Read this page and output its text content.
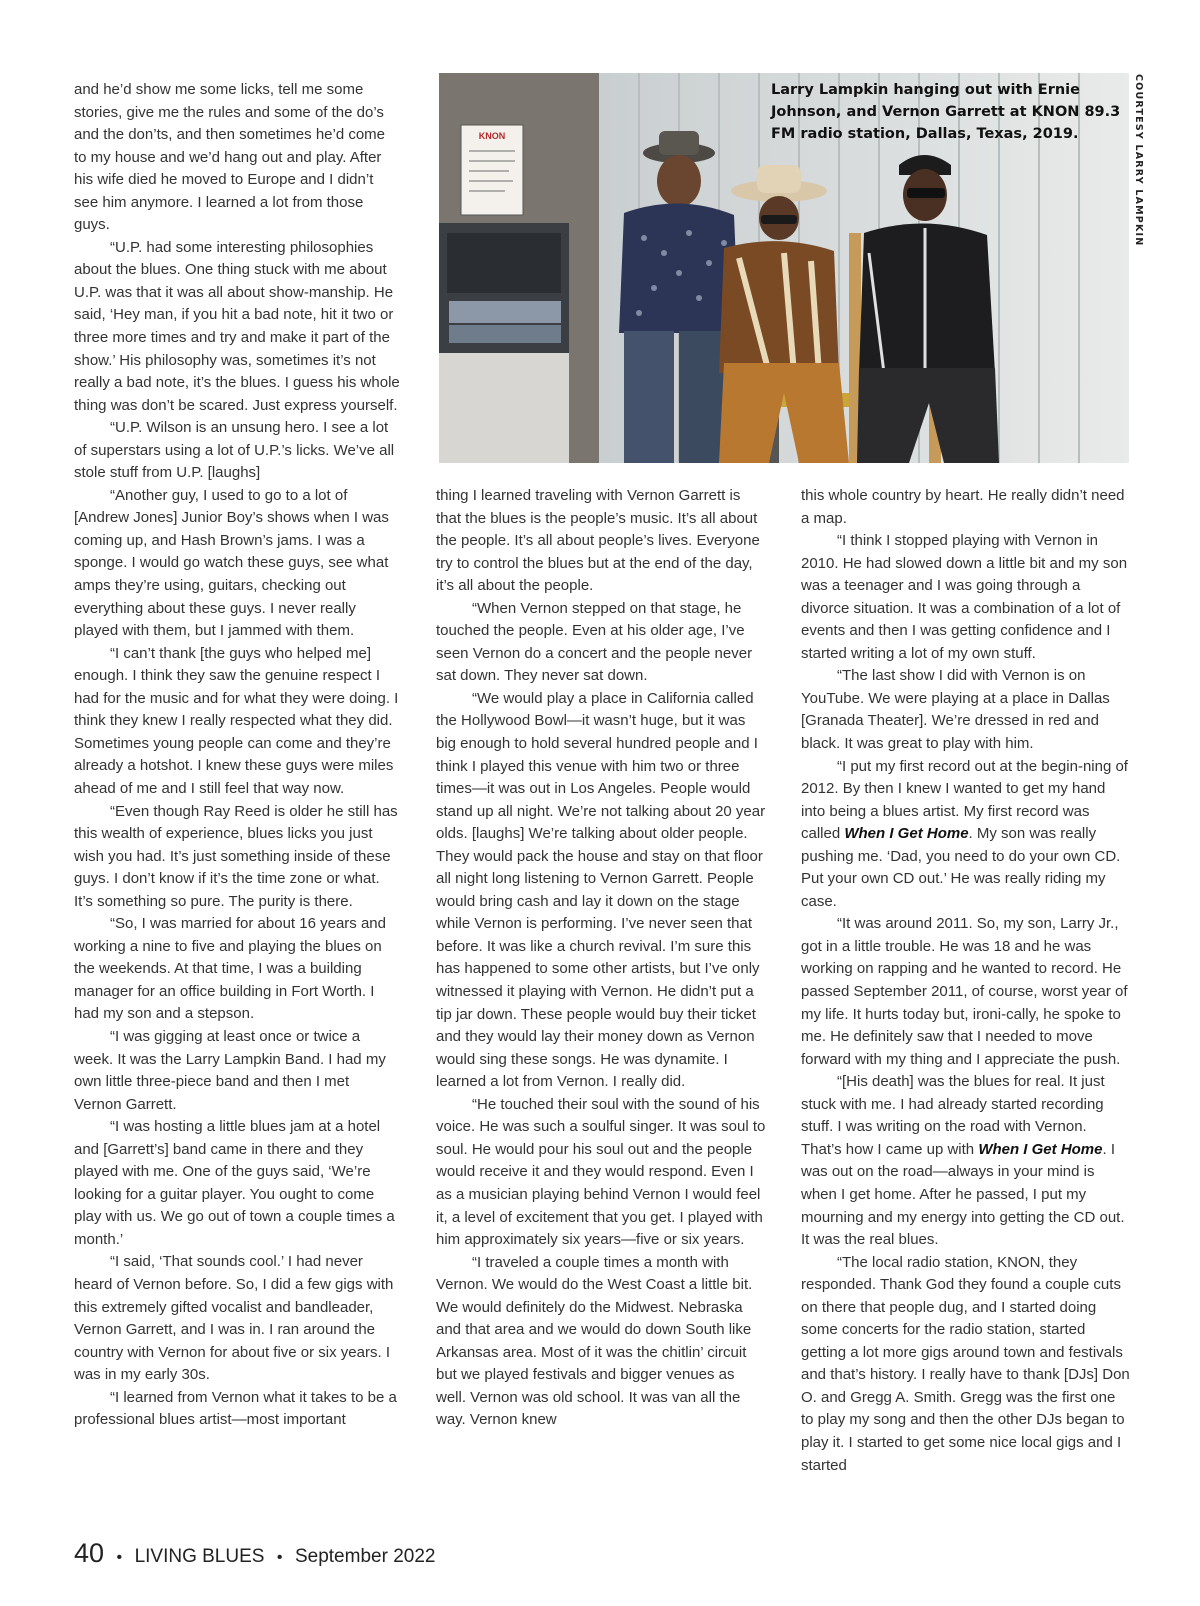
KNON
Larry Lampkin hanging out with Ernie Johnson, and Vernon Garrett at KNON 89.3 FM radio station, Dallas, Texas, 2019.	COURTESY LARRY LAMPKIN

and he’d show me some licks, tell me some stories, give me the rules and some of the do’s and the don’ts, and then sometimes he’d come to my house and we’d hang out and play. After his wife died he moved to Europe and I didn’t see him anymore. I learned a lot from those guys.

“U.P. had some interesting philosophies about the blues. One thing stuck with me about U.P. was that it was all about show-manship. He said, ‘Hey man, if you hit a bad note, hit it two or three more times and try and make it part of the show.’ His philosophy was, sometimes it’s not really a bad note, it’s the blues. I guess his whole thing was don’t be scared. Just express yourself.

“U.P. Wilson is an unsung hero. I see a lot of superstars using a lot of U.P.’s licks. We’ve all stole stuff from U.P. [laughs]

“Another guy, I used to go to a lot of [Andrew Jones] Junior Boy’s shows when I was coming up, and Hash Brown’s jams. I was a sponge. I would go watch these guys, see what amps they’re using, guitars, checking out everything about these guys. I never really played with them, but I jammed with them.

“I can’t thank [the guys who helped me] enough. I think they saw the genuine respect I had for the music and for what they were doing. I think they knew I really respected what they did. Sometimes young people can come and they’re already a hotshot. I knew these guys were miles ahead of me and I still feel that way now.

“Even though Ray Reed is older he still has this wealth of experience, blues licks you just wish you had. It’s just something inside of these guys. I don’t know if it’s the time zone or what. It’s something so pure. The purity is there.

“So, I was married for about 16 years and working a nine to five and playing the blues on the weekends. At that time, I was a building manager for an office building in Fort Worth. I had my son and a stepson.

“I was gigging at least once or twice a week. It was the Larry Lampkin Band. I had my own little three-piece band and then I met Vernon Garrett.

“I was hosting a little blues jam at a hotel and [Garrett’s] band came in there and they played with me. One of the guys said, ‘We’re looking for a guitar player. You ought to come play with us. We go out of town a couple times a month.’

“I said, ‘That sounds cool.’ I had never heard of Vernon before. So, I did a few gigs with this extremely gifted vocalist and bandleader, Vernon Garrett, and I was in. I ran around the country with Vernon for about five or six years. I was in my early 30s.

“I learned from Vernon what it takes to be a professional blues artist—most important

thing I learned traveling with Vernon Garrett is that the blues is the people’s music. It’s all about the people. It’s all about people’s lives. Everyone try to control the blues but at the end of the day, it’s all about the people.

“When Vernon stepped on that stage, he touched the people. Even at his older age, I’ve seen Vernon do a concert and the people never sat down. They never sat down.

“We would play a place in California called the Hollywood Bowl—it wasn’t huge, but it was big enough to hold several hundred people and I think I played this venue with him two or three times—it was out in Los Angeles. People would stand up all night. We’re not talking about 20 year olds. [laughs] We’re talking about older people. They would pack the house and stay on that floor all night long listening to Vernon Garrett. People would bring cash and lay it down on the stage while Vernon is performing. I’ve never seen that before. It was like a church revival. I’m sure this has happened to some other artists, but I’ve only witnessed it playing with Vernon. He didn’t put a tip jar down. These people would buy their ticket and they would lay their money down as Vernon would sing these songs. He was dynamite. I learned a lot from Vernon. I really did.

“He touched their soul with the sound of his voice. He was such a soulful singer. It was soul to soul. He would pour his soul out and the people would receive it and they would respond. Even I as a musician playing behind Vernon I would feel it, a level of excitement that you get. I played with him approximately six years—five or six years.

“I traveled a couple times a month with Vernon. We would do the West Coast a little bit. We would definitely do the Midwest. Nebraska and that area and we would do down South like Arkansas area. Most of it was the chitlin’ circuit but we played festivals and bigger venues as well. Vernon was old school. It was van all the way. Vernon knew

this whole country by heart. He really didn’t need a map.

“I think I stopped playing with Vernon in 2010. He had slowed down a little bit and my son was a teenager and I was going through a divorce situation. It was a combination of a lot of events and then I was getting confidence and I started writing a lot of my own stuff.

“The last show I did with Vernon is on YouTube. We were playing at a place in Dallas [Granada Theater]. We’re dressed in red and black. It was great to play with him.

“I put my first record out at the begin-ning of 2012. By then I knew I wanted to get my hand into being a blues artist. My first record was called When I Get Home. My son was really pushing me. ‘Dad, you need to do your own CD. Put your own CD out.’ He was really riding my case.

“It was around 2011. So, my son, Larry Jr., got in a little trouble. He was 18 and he was working on rapping and he wanted to record. He passed September 2011, of course, worst year of my life. It hurts today but, ironi-cally, he spoke to me. He definitely saw that I needed to move forward with my thing and I appreciate the push.

“[His death] was the blues for real. It just stuck with me. I had already started recording stuff. I was writing on the road with Vernon. That’s how I came up with When I Get Home. I was out on the road—always in your mind is when I get home. After he passed, I put my mourning and my energy into getting the CD out. It was the real blues.

“The local radio station, KNON, they responded. Thank God they found a couple cuts on there that people dug, and I started doing some concerts for the radio station, started getting a lot more gigs around town and festivals and that’s history. I really have to thank [DJs] Don O. and Gregg A. Smith. Gregg was the first one to play my song and then the other DJs began to play it. I started to get some nice local gigs and I started

40 • LIVING BLUES • September 2022
